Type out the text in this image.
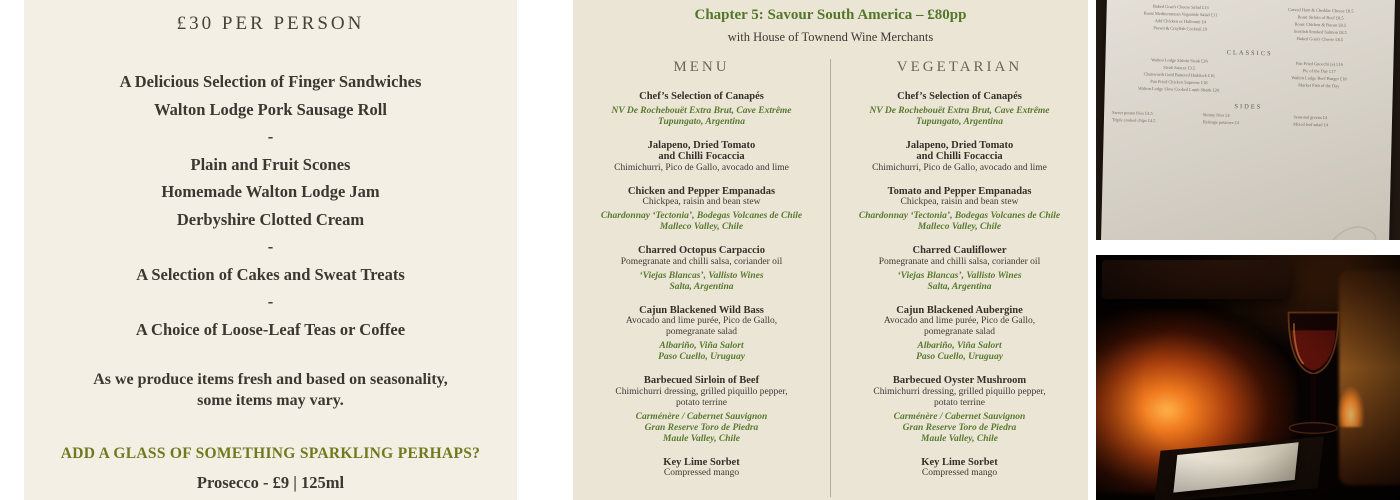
£30 PER PERSON
A Delicious Selection of Finger Sandwiches
Walton Lodge Pork Sausage Roll
-
Plain and Fruit Scones
Homemade Walton Lodge Jam
Derbyshire Clotted Cream
-
A Selection of Cakes and Sweat Treats
-
A Choice of Loose-Leaf Teas or Coffee

As we produce items fresh and based on seasonality,
some items may vary.

ADD A GLASS OF SOMETHING SPARKLING PERHAPS?

Prosecco - £9 | 125ml

Chapter 5: Savour South America – £80pp

with House of Townend Wine Merchants

MENU
Chef’s Selection of Canapés
NV De Rochebouët Extra Brut, Cave Extrême
Tupungato, Argentina
Jalapeno, Dried Tomato
and Chilli Focaccia
Chimichurri, Pico de Gallo, avocado and lime
Chicken and Pepper Empanadas
Chickpea, raisin and bean stew
Chardonnay ‘Tectonia’, Bodegas Volcanes de Chile
Malleco Valley, Chile
Charred Octopus Carpaccio
Pomegranate and chilli salsa, coriander oil
‘Viejas Blancas’, Vallisto Wines
Salta, Argentina
Cajun Blackened Wild Bass
Avocado and lime purée, Pico de Gallo,
pomegranate salad
Albariño, Viña Salort
Paso Cuello, Uruguay
Barbecued Sirloin of Beef
Chimichurri dressing, grilled piquillo pepper,
potato terrine
Carménère / Cabernet Sauvignon
Gran Reserve Toro de Piedra
Maule Valley, Chile
Key Lime Sorbet
Compressed mango
VEGETARIAN
Chef’s Selection of Canapés
NV De Rochebouët Extra Brut, Cave Extrême
Tupungato, Argentina
Jalapeno, Dried Tomato
and Chilli Focaccia
Chimichurri, Pico de Gallo, avocado and lime
Tomato and Pepper Empanadas
Chickpea, raisin and bean stew
Chardonnay ‘Tectonia’, Bodegas Volcanes de Chile
Malleco Valley, Chile
Charred Cauliflower
Pomegranate and chilli salsa, coriander oil
‘Viejas Blancas’, Vallisto Wines
Salta, Argentina
Cajun Blackened Aubergine
Avocado and lime purée, Pico de Gallo,
pomegranate salad
Albariño, Viña Salort
Paso Cuello, Uruguay
Barbecued Oyster Mushroom
Chimichurri dressing, grilled piquillo pepper,
potato terrine
Carménère / Cabernet Sauvignon
Gran Reserve Toro de Piedra
Maule Valley, Chile
Key Lime Sorbet
Compressed mango
Baked Goat's Cheese Salad £13
Roast Mediterranean Vegetable Salad £11
Add Chicken or Halloumi £4
Prawn & Crayfish Cocktail £9
Carved Ham & Cheddar Cheese £8.5
Roast Sirloin of Beef £8.5
Roast Chicken & Bacon £8.5
Scottish Smoked Salmon £8.5
Baked Goat's Cheese £8.5
CLASSICS
Walton Lodge Sirloin Steak £26
Steak Sauces £3.5
Chatsworth Gold Battered Haddock £16
Pan Fried Chicken Supreme £18
Walton Lodge Slow Cooked Lamb Shank £20
Pan Fried Gnocchi (v) £16
Pie of the Day £17
Walton Lodge Beef Burger £18
Market Fish of the Day
SIDES
Sweet potato fries £4.5	Skinny fries £4	Seasonal greens £4
Triple cooked chips £4.5	Heritage potatoes £4	Mixed leaf salad £4
